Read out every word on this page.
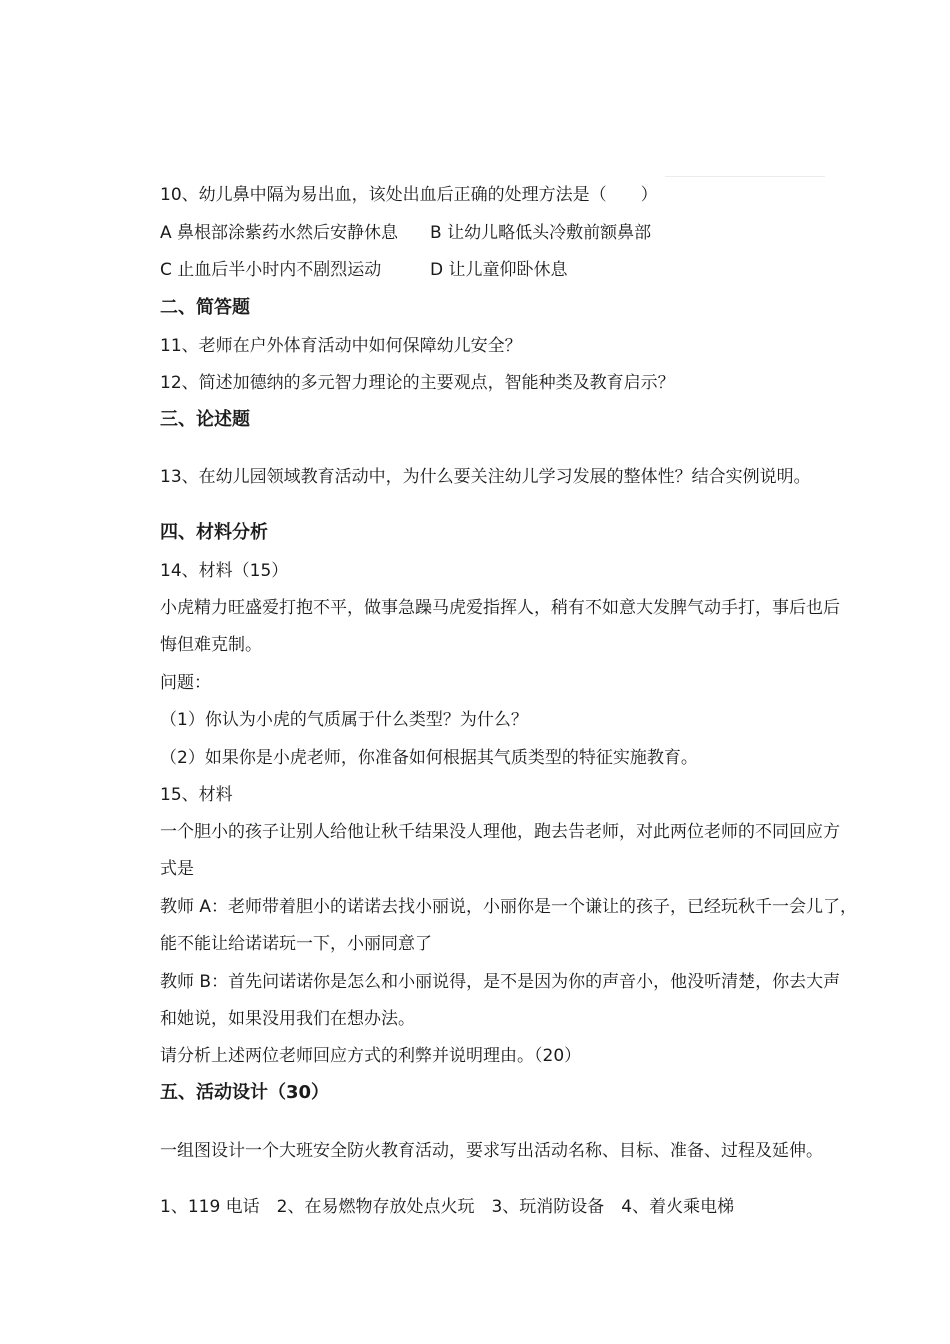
10、幼儿鼻中隔为易出血，该处出血后正确的处理方法是（　　）
A 鼻根部涂紫药水然后安静休息 B 让幼儿略低头冷敷前额鼻部
C 止血后半小时内不剧烈运动	D 让儿童仰卧休息
二、简答题
11、老师在户外体育活动中如何保障幼儿安全？
12、简述加德纳的多元智力理论的主要观点，智能种类及教育启示？
三、论述题
13、在幼儿园领域教育活动中，为什么要关注幼儿学习发展的整体性？结合实例说明。
四、材料分析
14、材料（15）
小虎精力旺盛爱打抱不平，做事急躁马虎爱指挥人，稍有不如意大发脾气动手打，事后也后
悔但难克制。
问题：
（1）你认为小虎的气质属于什么类型？为什么？
（2）如果你是小虎老师，你准备如何根据其气质类型的特征实施教育。
15、材料
一个胆小的孩子让别人给他让秋千结果没人理他，跑去告老师，对此两位老师的不同回应方
式是
教师 A：老师带着胆小的诺诺去找小丽说，小丽你是一个谦让的孩子，已经玩秋千一会儿了，
能不能让给诺诺玩一下，小丽同意了
教师 B：首先问诺诺你是怎么和小丽说得，是不是因为你的声音小，他没听清楚，你去大声
和她说，如果没用我们在想办法。
请分析上述两位老师回应方式的利弊并说明理由。（20）
五、活动设计（30）
一组图设计一个大班安全防火教育活动，要求写出活动名称、目标、准备、过程及延伸。
1、119 电话　2、在易燃物存放处点火玩　3、玩消防设备　4、着火乘电梯
